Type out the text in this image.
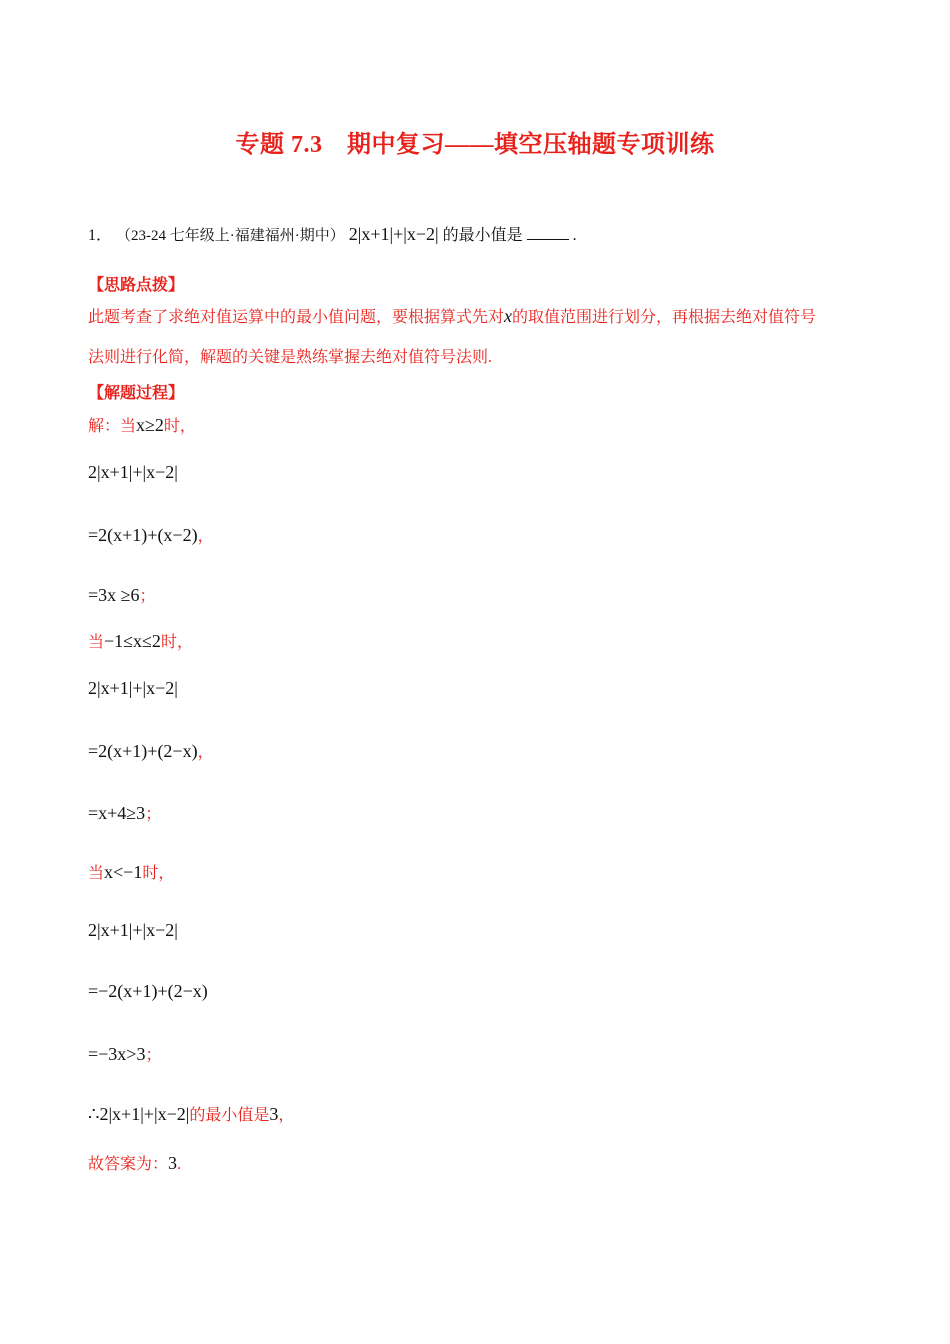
专题 7.3　期中复习——填空压轴题专项训练
1． （23-24 七年级上·福建福州·期中） 2|x+1|+|x−2| 的最小值是	.
【思路点拨】
此题考查了求绝对值运算中的最小值问题，要根据算式先对x的取值范围进行划分，再根据去绝对值符号
法则进行化简，解题的关键是熟练掌握去绝对值符号法则.
【解题过程】
解：当x≥2时，
2|x+1|+|x−2|
=2(x+1)+(x−2)，
=3x ≥6；
当−1≤x≤2时，
2|x+1|+|x−2|
=2(x+1)+(2−x)，
=x+4≥3；
当x<−1时，
2|x+1|+|x−2|
=−2(x+1)+(2−x)
=−3x>3；
∴2|x+1|+|x−2|的最小值是3，
故答案为：3.
